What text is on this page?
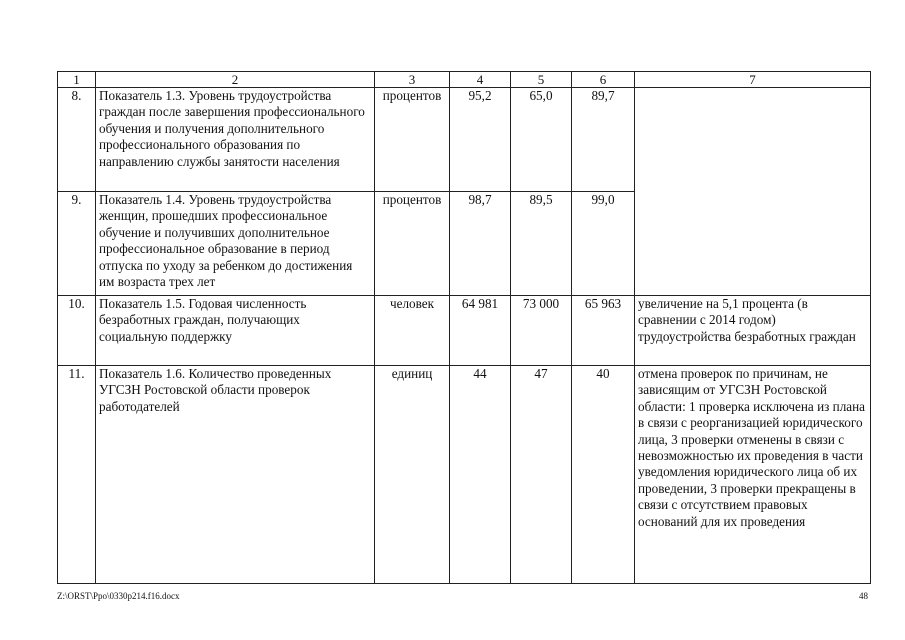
1	2	3	4	5	6	7
8.	Показатель 1.3. Уровень трудоустройства граждан после завершения профессионального обучения и получения дополнительного профессионального образования по направлению службы занятости населения	процентов	95,2	65,0	89,7	
9.	Показатель 1.4. Уровень трудоустройства женщин, прошедших профессиональное обучение и получивших дополнительное профессиональное образование в период отпуска по уходу за ребенком до достижения им возраста трех лет	процентов	98,7	89,5	99,0	
10.	Показатель 1.5. Годовая численность безработных граждан, получающих социальную поддержку	человек	64 981	73 000	65 963	увеличение на 5,1 процента (в сравнении с 2014 годом) трудоустройства безработных граждан
11.	Показатель 1.6. Количество проведенных УГСЗН Ростовской области проверок работодателей	единиц	44	47	40	отмена проверок по причинам, не зависящим от УГСЗН Ростовской области: 1 проверка исключена из плана в связи с реорганизацией юридического лица, 3 проверки отменены в связи с невозможностью их проведения в части уведомления юридического лица об их проведении, 3 проверки прекращены в связи с отсутствием правовых оснований для их проведения
Z:\ORST\Ppo\0330p214.f16.docx	48
